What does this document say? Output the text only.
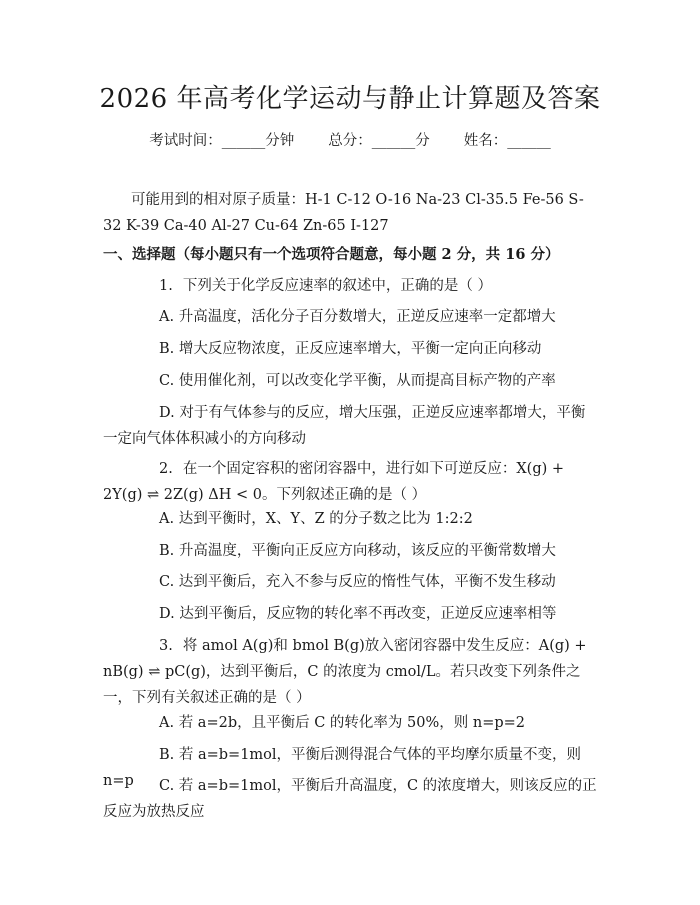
2026 年高考化学运动与静止计算题及答案
考试时间：______分钟 总分：______分 姓名：______
可能用到的相对原子质量：H-1 C-12 O-16 Na-23 Cl-35.5 Fe-56 S-32 K-39 Ca-40 Al-27 Cu-64 Zn-65 I-127
一、选择题（每小题只有一个选项符合题意，每小题 2 分，共 16 分）
1. 下列关于化学反应速率的叙述中，正确的是（ ）
A. 升高温度，活化分子百分数增大，正逆反应速率一定都增大
B. 增大反应物浓度，正反应速率增大，平衡一定向正向移动
C. 使用催化剂，可以改变化学平衡，从而提高目标产物的产率
D. 对于有气体参与的反应，增大压强，正逆反应速率都增大，平衡一定向气体体积减小的方向移动
2. 在一个固定容积的密闭容器中，进行如下可逆反应：X(g) + 2Y(g) ⇌ 2Z(g) ΔH < 0。下列叙述正确的是（ ）
A. 达到平衡时，X、Y、Z 的分子数之比为 1:2:2
B. 升高温度，平衡向正反应方向移动，该反应的平衡常数增大
C. 达到平衡后，充入不参与反应的惰性气体，平衡不发生移动
D. 达到平衡后，反应物的转化率不再改变，正逆反应速率相等
3. 将 amol A(g)和 bmol B(g)放入密闭容器中发生反应：A(g) + nB(g) ⇌ pC(g)，达到平衡后，C 的浓度为 cmol/L。若只改变下列条件之一，下列有关叙述正确的是（ ）
A. 若 a=2b，且平衡后 C 的转化率为 50%，则 n=p=2
B. 若 a=b=1mol，平衡后测得混合气体的平均摩尔质量不变，则 n=p	C. 若 a=b=1mol，平衡后升高温度，C 的浓度增大，则该反应的正反应为放热反应
